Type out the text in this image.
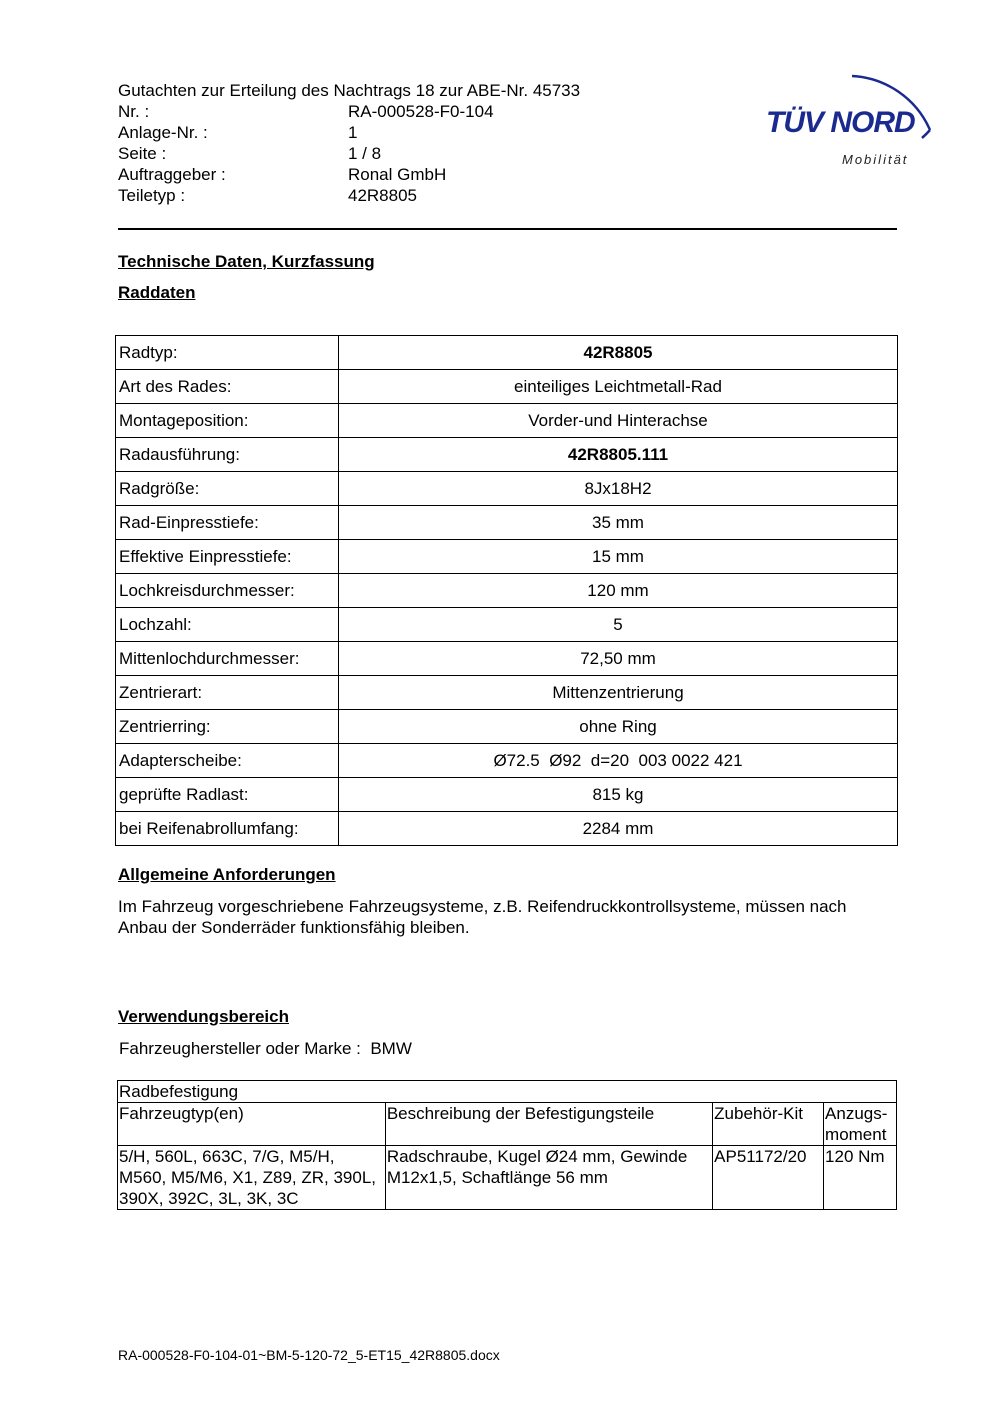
Gutachten zur Erteilung des Nachtrags 18 zur ABE-Nr. 45733
Nr. :	RA-000528-F0-104
Anlage-Nr. :	1
Seite :	1 / 8
Auftraggeber :	Ronal GmbH
Teiletyp :	42R8805
TÜV NORD
Mobilität
Technische Daten, Kurzfassung
Raddaten
Radtyp:	42R8805
Art des Rades:	einteiliges Leichtmetall-Rad
Montageposition:	Vorder-und Hinterachse
Radausführung:	42R8805.111
Radgröße:	8Jx18H2
Rad-Einpresstiefe:	35 mm
Effektive Einpresstiefe:	15 mm
Lochkreisdurchmesser:	120 mm
Lochzahl:	5
Mittenlochdurchmesser:	72,50 mm
Zentrierart:	Mittenzentrierung
Zentrierring:	ohne Ring
Adapterscheibe:	Ø72.5  Ø92  d=20  003 0022 421
geprüfte Radlast:	815 kg
bei Reifenabrollumfang:	2284 mm
Allgemeine Anforderungen
Im Fahrzeug vorgeschriebene Fahrzeugsysteme, z.B. Reifendruckkontrollsysteme, müssen nach Anbau der Sonderräder funktionsfähig bleiben.
Verwendungsbereich
Fahrzeughersteller oder Marke :  BMW
Radbefestigung			
Fahrzeugtyp(en)	Beschreibung der Befestigungsteile	Zubehör-Kit	Anzugs-moment
5/H, 560L, 663C, 7/G, M5/H, M560, M5/M6, X1, Z89, ZR, 390L, 390X, 392C, 3L, 3K, 3C	Radschraube, Kugel Ø24 mm, Gewinde M12x1,5, Schaftlänge 56 mm	AP51172/20	120 Nm
RA-000528-F0-104-01~BM-5-120-72_5-ET15_42R8805.docx
